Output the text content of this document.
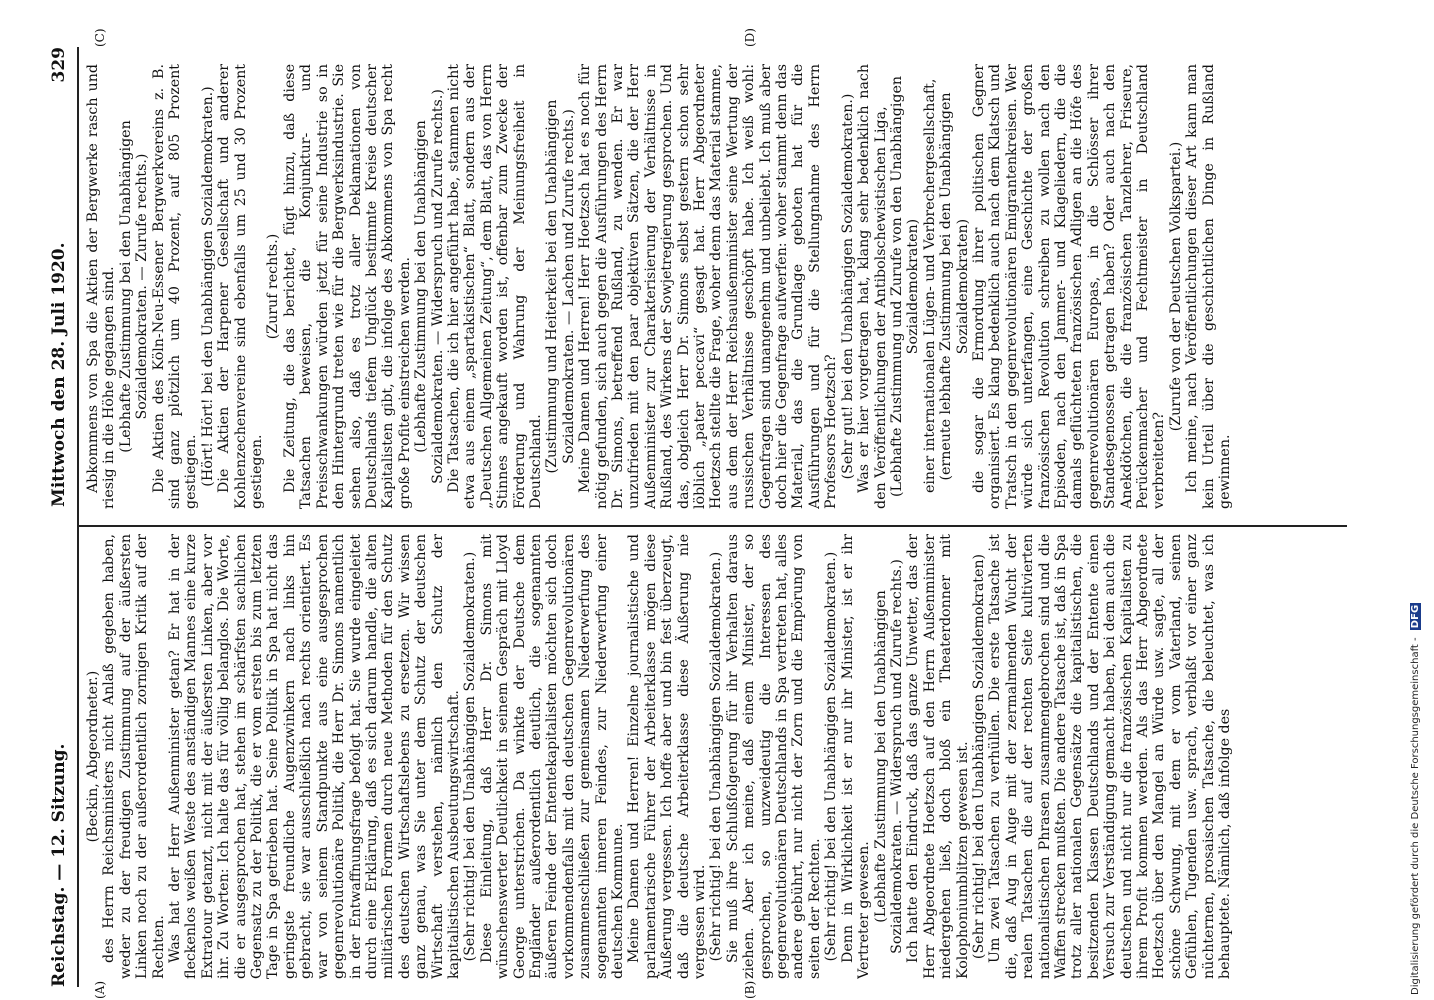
Reichstag. — 12. Sitzung.
Mittwoch den 28. Juli 1920.
329

(Beckin, Abgeordneter.) des Herrn Reichsministers nicht Anlaß gegeben haben, weder zu der freudigen Zustimmung auf der äußersten Linken noch zu der außerordentlich zornigen Kritik auf der Rechten. Was hat der Herr Außenminister getan? Er hat in der fleckenlos weißen Weste des anständigen Mannes eine kurze Extratour getanzt, nicht mit der äußersten Linken, aber vor ihr. Zu Worten: Ich halte das für völlig belanglos. Die Worte, die er ausgesprochen hat, stehen im schärfsten sachlichen Gegensatz zu der Politik, die er vom ersten bis zum letzten Tage in Spa getrieben hat. Seine Politik in Spa hat nicht das geringste freundliche Augenzwinkern nach links hin gebracht, sie war ausschließlich nach rechts orientiert. Es war von seinem Standpunkte aus eine ausgesprochen gegenrevolutionäre Politik, die Herr Dr. Simons namentlich in der Entwaffnungsfrage befolgt hat. Sie wurde eingeleitet durch eine Erklärung, daß es sich darum handle, die alten militärischen Formen durch neue Methoden für den Schutz des deutschen Wirtschaftslebens zu ersetzen. Wir wissen ganz genau, was Sie unter dem Schutz der deutschen Wirtschaft verstehen, nämlich den Schutz der kapitalistischen Ausbeutungswirtschaft. (Sehr richtig! bei den Unabhängigen Sozialdemokraten.) Diese Einleitung, daß Herr Dr. Simons mit wünschenswerter Deutlichkeit in seinem Gespräch mit Lloyd George unterstrichen. Da winkte der Deutsche dem Engländer außerordentlich deutlich, die sogenannten äußeren Feinde der Ententekapitalisten möchten sich doch vorkommendenfalls mit den deutschen Gegenrevolutionären zusammenschließen zur gemeinsamen Niederwerfung des sogenannten inneren Feindes, zur Niederwerfung einer deutschen Kommune. Meine Damen und Herren! Einzelne journalistische und parlamentarische Führer der Arbeiterklasse mögen diese Äußerung vergessen. Ich hoffe aber und bin fest überzeugt, daß die deutsche Arbeiterklasse diese Äußerung nie vergessen wird. (Sehr richtig! bei den Unabhängigen Sozialdemokraten.) Sie muß ihre Schlußfolgerung für ihr Verhalten daraus ziehen. Aber ich meine, daß einem Minister, der so gesprochen, so unzweideutig die Interessen des gegenrevolutionären Deutschlands in Spa vertreten hat, alles andere gebührt, nur nicht der Zorn und die Empörung von seiten der Rechten. (Sehr richtig! bei den Unabhängigen Sozialdemokraten.) Denn in Wirklichkeit ist er nur ihr Minister, ist er ihr Vertreter gewesen. (Lebhafte Zustimmung bei den Unabhängigen Sozialdemokraten. — Widerspruch und Zurufe rechts.) Ich hatte den Eindruck, daß das ganze Unwetter, das der Herr Abgeordnete Hoetzsch auf den Herrn Außenminister niedergehen ließ, doch bloß ein Theaterdonner mit Kolophoniumblitzen gewesen ist. (Sehr richtig! bei den Unabhängigen Sozialdemokraten) Um zwei Tatsachen zu verhüllen. Die erste Tatsache ist die, daß Aug in Auge mit der zermalmenden Wucht der realen Tatsachen die auf der rechten Seite kultivierten nationalistischen Phrasen zusammengebrochen sind und die Waffen strecken mußten. Die andere Tatsache ist, daß in Spa trotz aller nationalen Gegensätze die kapitalistischen, die besitzenden Klassen Deutschlands und der Entente einen Versuch zur Verständigung gemacht haben, bei dem auch die deutschen und nicht nur die französischen Kapitalisten zu ihrem Profit kommen werden. Als das Herr Abgeordnete Hoetzsch über den Mangel an Würde usw. sagte, all der schöne Schwung, mit dem er vom Vaterland, seinen Gefühlen, Tugenden usw. sprach, verblaßt vor einer ganz nüchternen, prosaischen Tatsache, die beleuchtet, was ich behauptete. Nämlich, daß infolge des

Abkommens von Spa die Aktien der Bergwerke rasch und riesig in die Höhe gegangen sind. (Lebhafte Zustimmung bei den Unabhängigen Sozialdemokraten. — Zurufe rechts.) Die Aktien des Köln-Neu-Essener Bergwerkvereins z. B. sind ganz plötzlich um 40 Prozent, auf 805 Prozent gestiegen. (Hört! Hört! bei den Unabhängigen Sozialdemokraten.) Die Aktien der Harpener Gesellschaft und anderer Kohlenzechenvereine sind ebenfalls um 25 und 30 Prozent gestiegen.

(Zuruf rechts.) Die Zeitung, die das berichtet, fügt hinzu, daß diese Tatsachen beweisen, die Konjunktur- und Preisschwankungen würden jetzt für seine Industrie so in den Hintergrund treten wie für die Bergwerksindustrie. Sie sehen also, daß es trotz aller Deklamationen von Deutschlands tiefem Unglück bestimmte Kreise deutscher Kapitalisten gibt, die infolge des Abkommens von Spa recht große Profite einstreichen werden. (Lebhafte Zustimmung bei den Unabhängigen Sozialdemokraten. — Widerspruch und Zurufe rechts.) Die Tatsachen, die ich hier angeführt habe, stammen nicht etwa aus einem „spartakistischen“ Blatt, sondern aus der „Deutschen Allgemeinen Zeitung“, dem Blatt, das von Herrn Stinnes angekauft worden ist, offenbar zum Zwecke der Förderung und Wahrung der Meinungsfreiheit in Deutschland. (Zustimmung und Heiterkeit bei den Unabhängigen Sozialdemokraten. — Lachen und Zurufe rechts.) Meine Damen und Herren! Herr Hoetzsch hat es noch für nötig gefunden, sich auch gegen die Ausführungen des Herrn Dr. Simons, betreffend Rußland, zu wenden. Er war unzufrieden mit den paar objektiven Sätzen, die der Herr Außenminister zur Charakterisierung der Verhältnisse in Rußland, des Wirkens der Sowjetregierung gesprochen. Und das, obgleich Herr Dr. Simons selbst gestern schon sehr löblich „pater peccavi“ gesagt hat. Herr Abgeordneter Hoetzsch stellte die Frage, woher denn das Material stamme, aus dem der Herr Reichsaußenminister seine Wertung der russischen Verhältnisse geschöpft habe. Ich weiß wohl: Gegenfragen sind unangenehm und unbeliebt. Ich muß aber doch hier die Gegenfrage aufwerfen: woher stammt denn das Material, das die Grundlage geboten hat für die Ausführungen und für die Stellungnahme des Herrn Professors Hoetzsch? (Sehr gut! bei den Unabhängigen Sozialdemokraten.) Was er hier vorgetragen hat, klang sehr bedenklich nach den Veröffentlichungen der Antibolschewistischen Liga, (Lebhafte Zustimmung und Zurufe von den Unabhängigen Sozialdemokraten) einer internationalen Lügen- und Verbrechergesellschaft, (erneute lebhafte Zustimmung bei den Unabhängigen Sozialdemokraten) die sogar die Ermordung ihrer politischen Gegner organisiert. Es klang bedenklich auch nach dem Klatsch und Tratsch in den gegenrevolutionären Emigrantenkreisen. Wer würde sich unterfangen, eine Geschichte der großen französischen Revolution schreiben zu wollen nach den Episoden, nach den Jammer- und Klageliedern, die die damals geflüchteten französischen Adligen an die Höfe des gegenrevolutionären Europas, in die Schlösser ihrer Standesgenossen getragen haben? Oder auch nach den Anekdötchen, die die französischen Tanzlehrer, Friseure, Perückenmacher und Fechtmeister in Deutschland verbreiteten?

(Zurufe von der Deutschen Volkspartei.) Ich meine, nach Veröffentlichungen dieser Art kann man kein Urteil über die geschichtlichen Dinge in Rußland gewinnen.

(A)	(B)
(C)	(D)
Digitalisierung gefördert durch die Deutsche Forschungsgemeinschaft - DFG
